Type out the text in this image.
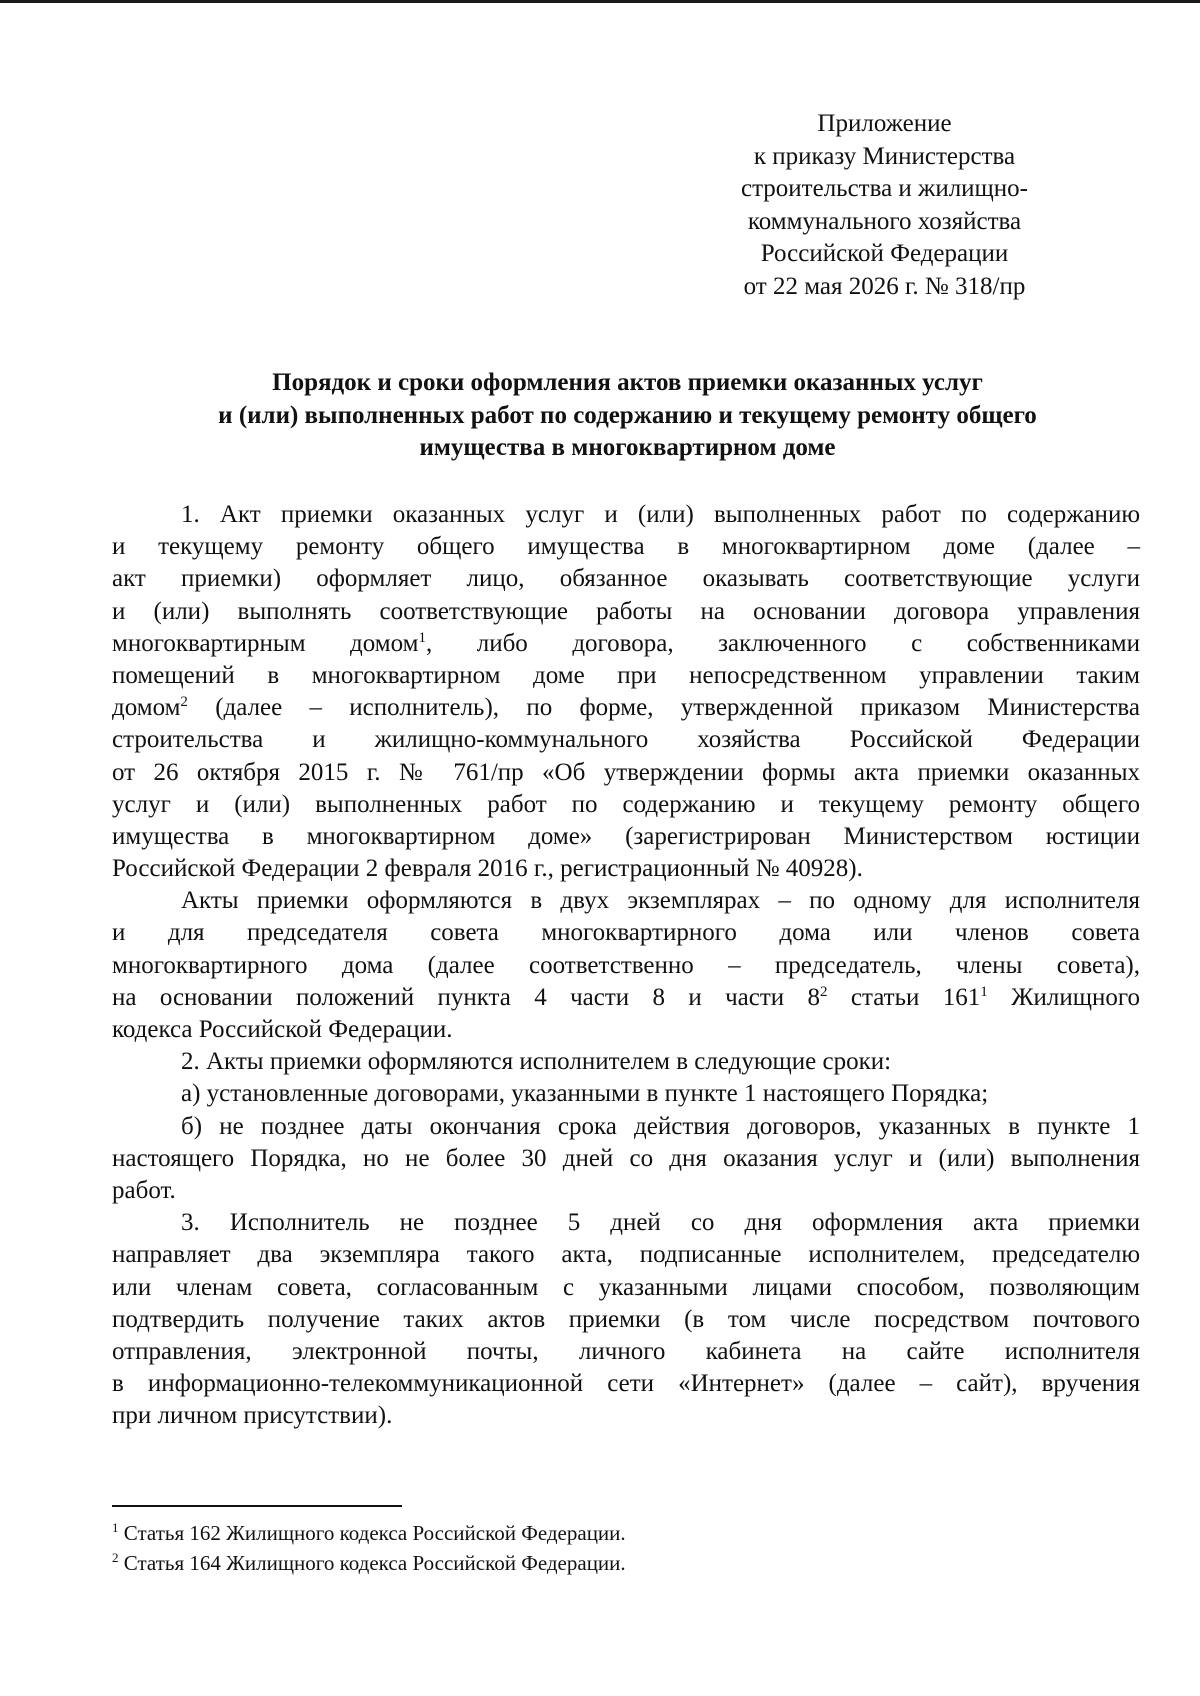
Приложение
к приказу Министерства
строительства и жилищно-
коммунального хозяйства
Российской Федерации
от 22 мая 2026 г. № 318/пр
Порядок и сроки оформления актов приемки оказанных услуг
и (или) выполненных работ по содержанию и текущему ремонту общего
имущества в многоквартирном доме
1. Акт приемки оказанных услуг и (или) выполненных работ по содержанию
и текущему ремонту общего имущества в многоквартирном доме (далее –
акт приемки) оформляет лицо, обязанное оказывать соответствующие услуги
и (или) выполнять соответствующие работы на основании договора управления
многоквартирным домом$^1$, либо договора, заключенного с собственниками
помещений в многоквартирном доме при непосредственном управлении таким
домом$^2$ (далее – исполнитель), по форме, утвержденной приказом Министерства
строительства и жилищно-коммунального хозяйства Российской Федерации
от 26 октября 2015 г. № 761/пр «Об утверждении формы акта приемки оказанных
услуг и (или) выполненных работ по содержанию и текущему ремонту общего
имущества в многоквартирном доме» (зарегистрирован Министерством юстиции
Российской Федерации 2 февраля 2016 г., регистрационный № 40928).
Акты приемки оформляются в двух экземплярах – по одному для исполнителя
и для председателя совета многоквартирного дома или членов совета
многоквартирного дома (далее соответственно – председатель, члены совета),
на основании положений пункта 4 части 8 и части $8^2$ статьи $161^1$ Жилищного
кодекса Российской Федерации.
2. Акты приемки оформляются исполнителем в следующие сроки:
а) установленные договорами, указанными в пункте 1 настоящего Порядка;
б) не позднее даты окончания срока действия договоров, указанных в пункте 1
настоящего Порядка, но не более 30 дней со дня оказания услуг и (или) выполнения
работ.
3. Исполнитель не позднее 5 дней со дня оформления акта приемки
направляет два экземпляра такого акта, подписанные исполнителем, председателю
или членам совета, согласованным с указанными лицами способом, позволяющим
подтвердить получение таких актов приемки (в том числе посредством почтового
отправления, электронной почты, личного кабинета на сайте исполнителя
в информационно-телекоммуникационной сети «Интернет» (далее – сайт), вручения
при личном присутствии).
$^1$ Статья 162 Жилищного кодекса Российской Федерации.
$^2$ Статья 164 Жилищного кодекса Российской Федерации.
